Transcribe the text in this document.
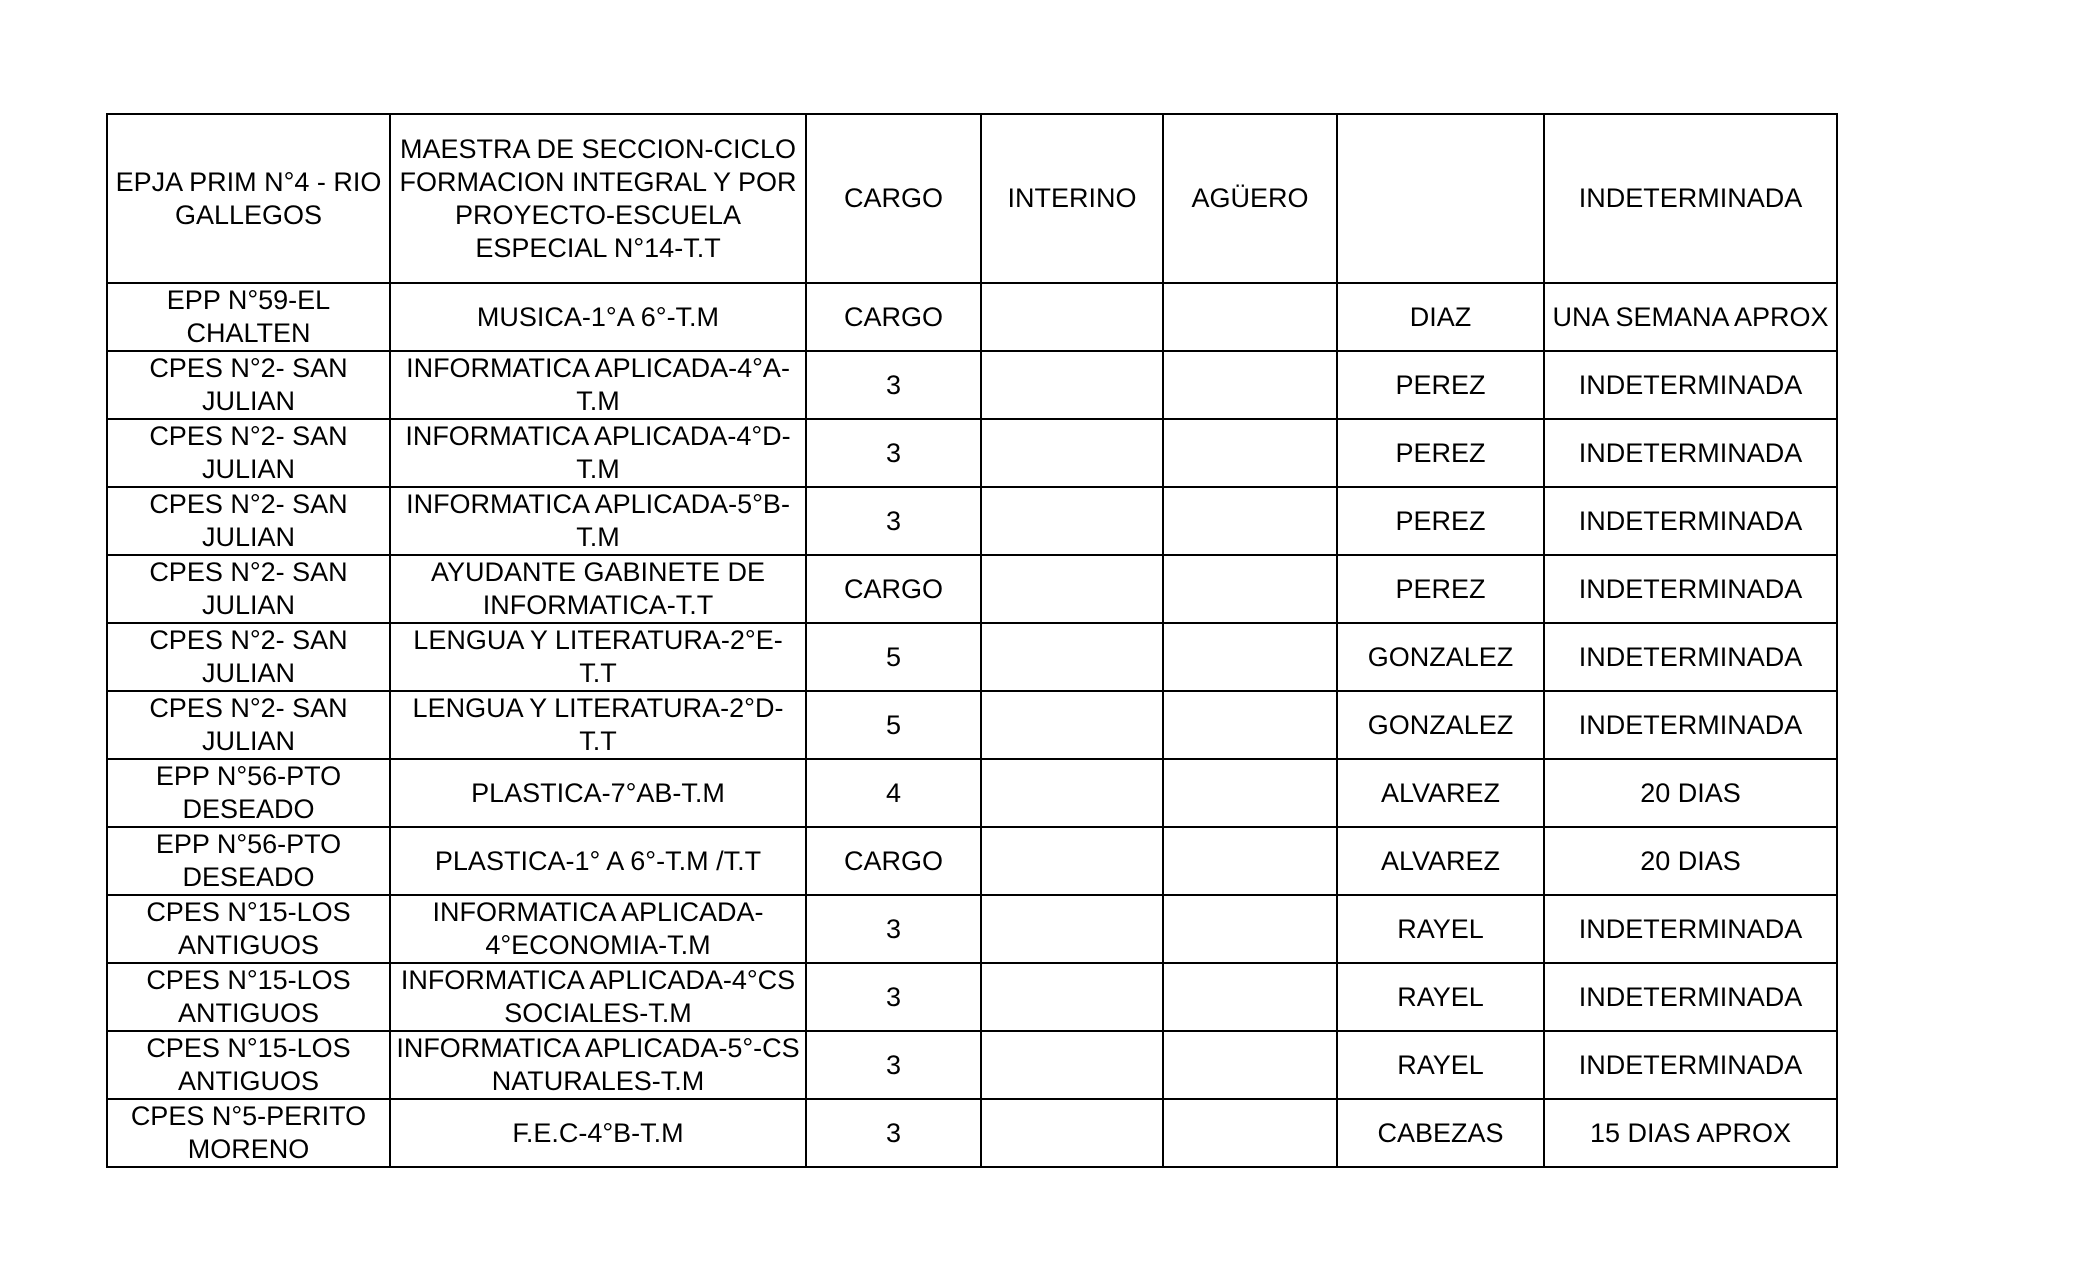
EPJA PRIM N°4 - RIO GALLEGOS	MAESTRA DE SECCION-CICLO FORMACION INTEGRAL Y POR PROYECTO-ESCUELA ESPECIAL N°14-T.T	CARGO	INTERINO	AGÜERO		INDETERMINADA
EPP N°59-EL CHALTEN	MUSICA-1°A 6°-T.M	CARGO			DIAZ	UNA SEMANA APROX
CPES N°2- SAN JULIAN	INFORMATICA APLICADA-4°A-T.M	3			PEREZ	INDETERMINADA
CPES N°2- SAN JULIAN	INFORMATICA APLICADA-4°D-T.M	3			PEREZ	INDETERMINADA
CPES N°2- SAN JULIAN	INFORMATICA APLICADA-5°B-T.M	3			PEREZ	INDETERMINADA
CPES N°2- SAN JULIAN	AYUDANTE GABINETE DE INFORMATICA-T.T	CARGO			PEREZ	INDETERMINADA
CPES N°2- SAN JULIAN	LENGUA Y LITERATURA-2°E-T.T	5			GONZALEZ	INDETERMINADA
CPES N°2- SAN JULIAN	LENGUA Y LITERATURA-2°D-T.T	5			GONZALEZ	INDETERMINADA
EPP N°56-PTO DESEADO	PLASTICA-7°AB-T.M	4			ALVAREZ	20 DIAS
EPP N°56-PTO DESEADO	PLASTICA-1° A 6°-T.M /T.T	CARGO			ALVAREZ	20 DIAS
CPES N°15-LOS ANTIGUOS	INFORMATICA APLICADA-4°ECONOMIA-T.M	3			RAYEL	INDETERMINADA
CPES N°15-LOS ANTIGUOS	INFORMATICA APLICADA-4°CS SOCIALES-T.M	3			RAYEL	INDETERMINADA
CPES N°15-LOS ANTIGUOS	INFORMATICA APLICADA-5°-CS NATURALES-T.M	3			RAYEL	INDETERMINADA
CPES N°5-PERITO MORENO	F.E.C-4°B-T.M	3			CABEZAS	15 DIAS APROX
